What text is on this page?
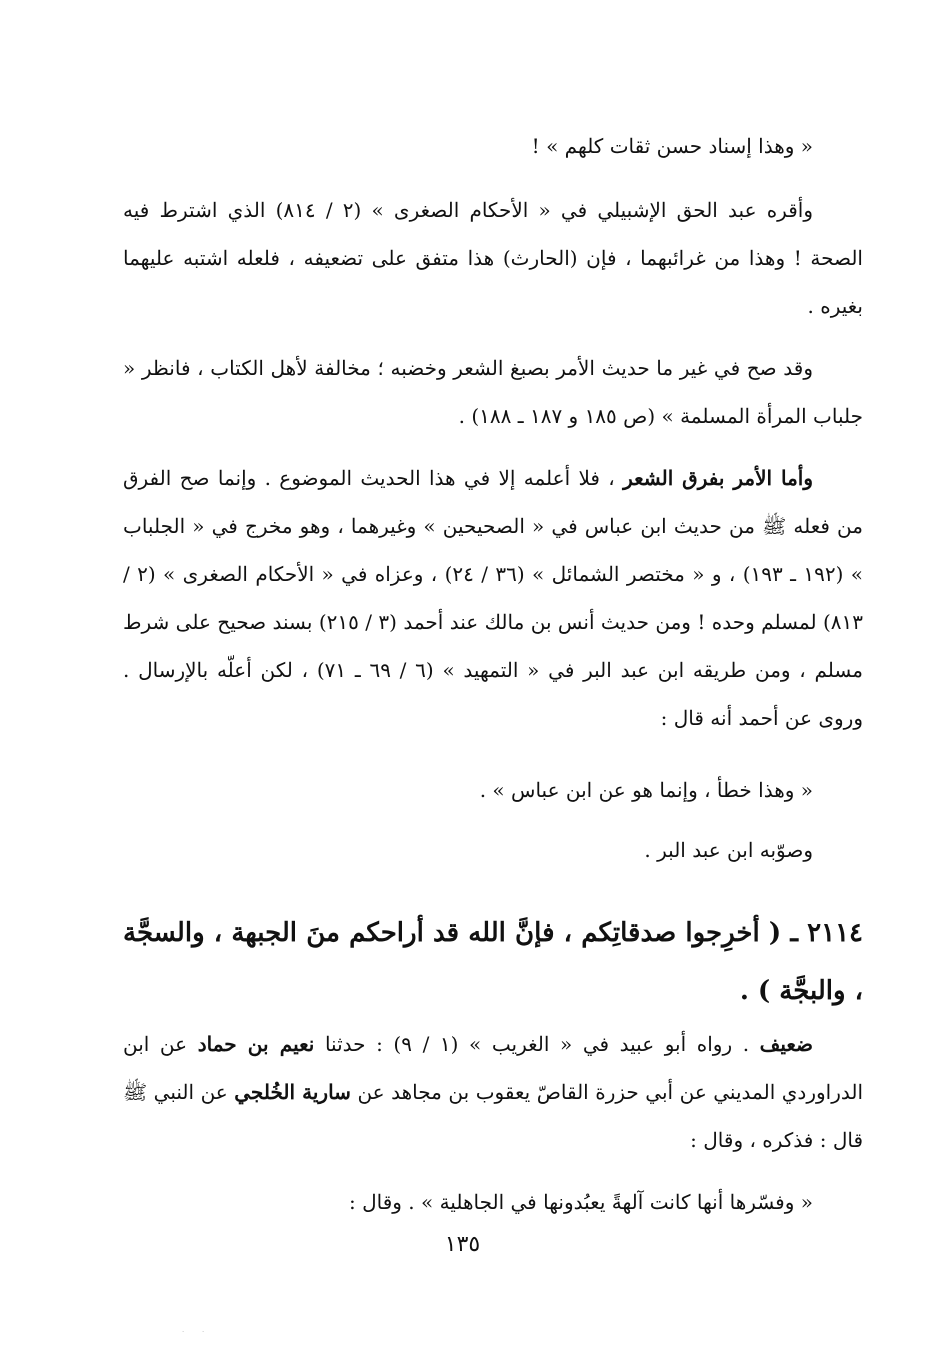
« وهذا إسناد حسن ثقات كلهم » !

وأقره عبد الحق الإشبيلي في « الأحكام الصغرى » (٢ / ٨١٤) الذي اشترط فيه الصحة ! وهذا من غرائبهما ، فإن (الحارث) هذا متفق على تضعيفه ، فلعله اشتبه عليهما بغيره .

وقد صح في غير ما حديث الأمر بصبغ الشعر وخضبه ؛ مخالفة لأهل الكتاب ، فانظر « جلباب المرأة المسلمة » (ص ١٨٥ و ١٨٧ ـ ١٨٨) .

وأما الأمر بفرق الشعر ، فلا أعلمه إلا في هذا الحديث الموضوع . وإنما صح الفرق من فعله ﷺ من حديث ابن عباس في « الصحيحين » وغيرهما ، وهو مخرج في « الجلباب » (١٩٢ ـ ١٩٣) ، و « مختصر الشمائل » (٣٦ / ٢٤) ، وعزاه في « الأحكام الصغرى » (٢ / ٨١٣) لمسلم وحده ! ومن حديث أنس بن مالك عند أحمد (٣ / ٢١٥) بسند صحيح على شرط مسلم ، ومن طريقه ابن عبد البر في « التمهيد » (٦ / ٦٩ ـ ٧١) ، لكن أعلّه بالإرسال . وروى عن أحمد أنه قال :

« وهذا خطأ ، وإنما هو عن ابن عباس » .

وصوّبه ابن عبد البر .

٢١١٤ ـ ( أخرِجوا صدقاتِكم ، فإنَّ الله قد أراحكم منَ الجبهة ، والسجَّة ، والبجَّة ) .

ضعيف . رواه أبو عبيد في « الغريب » (١ / ٩) : حدثنا نعيم بن حماد عن ابن الدراوردي المديني عن أبي حزرة القاصّ يعقوب بن مجاهد عن سارية الخُلجي عن النبي ﷺ قال : فذكره ، وقال :

« وفسّرها أنها كانت آلهةً يعبُدونها في الجاهلية » . وقال :

١٣٥
·	·
